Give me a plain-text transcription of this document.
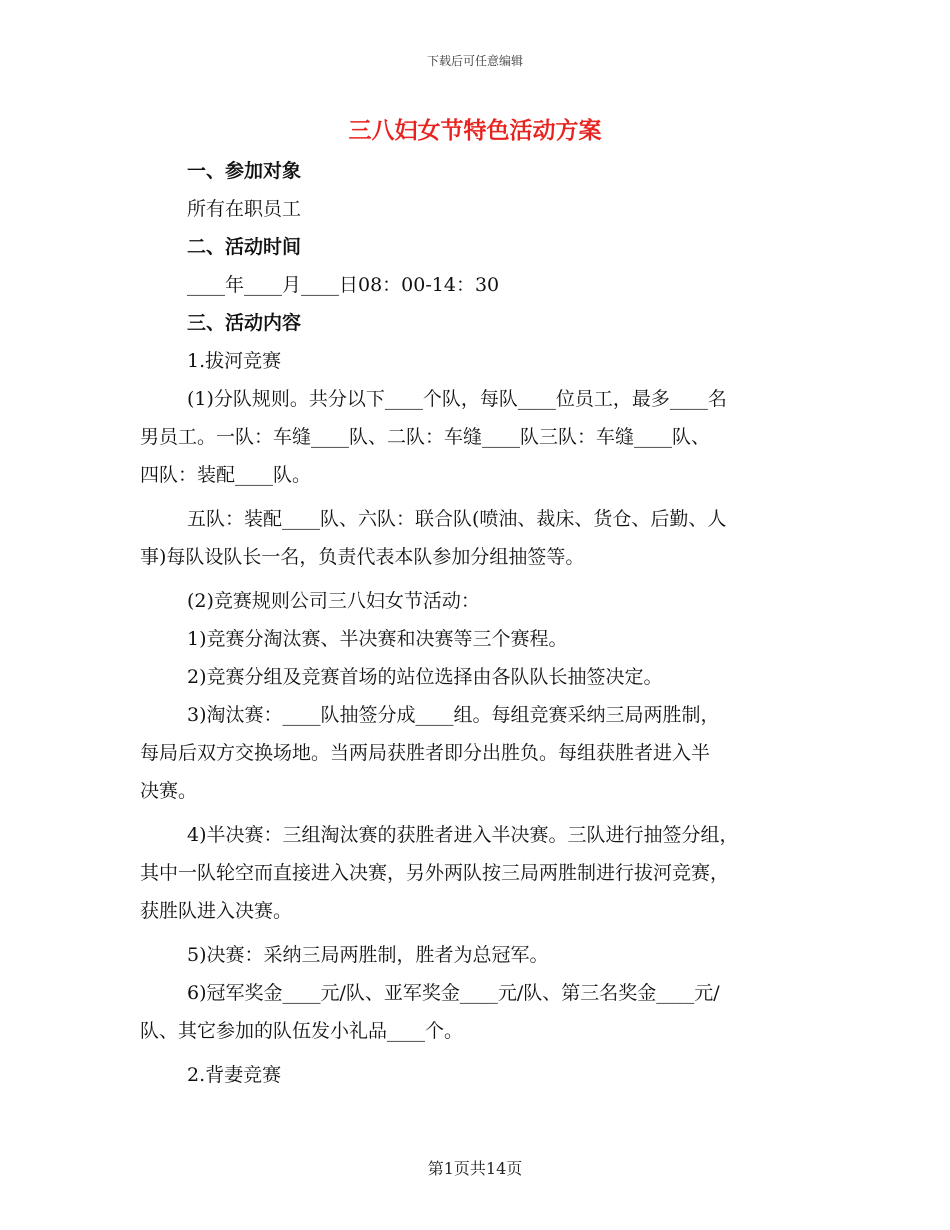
下载后可任意编辑
三八妇女节特色活动方案
一、参加对象
所有在职员工
二、活动时间
____年____月____日08：00-14：30
三、活动内容
1.拔河竞赛
(1)分队规则。共分以下____个队，每队____位员工，最多____名
男员工。一队：车缝____队、二队：车缝____队三队：车缝____队、
四队：装配____队。
五队：装配____队、六队：联合队(喷油、裁床、货仓、后勤、人
事)每队设队长一名，负责代表本队参加分组抽签等。
(2)竞赛规则公司三八妇女节活动：
1)竞赛分淘汰赛、半决赛和决赛等三个赛程。
2)竞赛分组及竞赛首场的站位选择由各队队长抽签决定。
3)淘汰赛：____队抽签分成____组。每组竞赛采纳三局两胜制，
每局后双方交换场地。当两局获胜者即分出胜负。每组获胜者进入半
决赛。
4)半决赛：三组淘汰赛的获胜者进入半决赛。三队进行抽签分组，
其中一队轮空而直接进入决赛，另外两队按三局两胜制进行拔河竞赛，
获胜队进入决赛。
5)决赛：采纳三局两胜制，胜者为总冠军。
6)冠军奖金____元/队、亚军奖金____元/队、第三名奖金____元/
队、其它参加的队伍发小礼品____个。
2.背妻竞赛
第1页共14页
